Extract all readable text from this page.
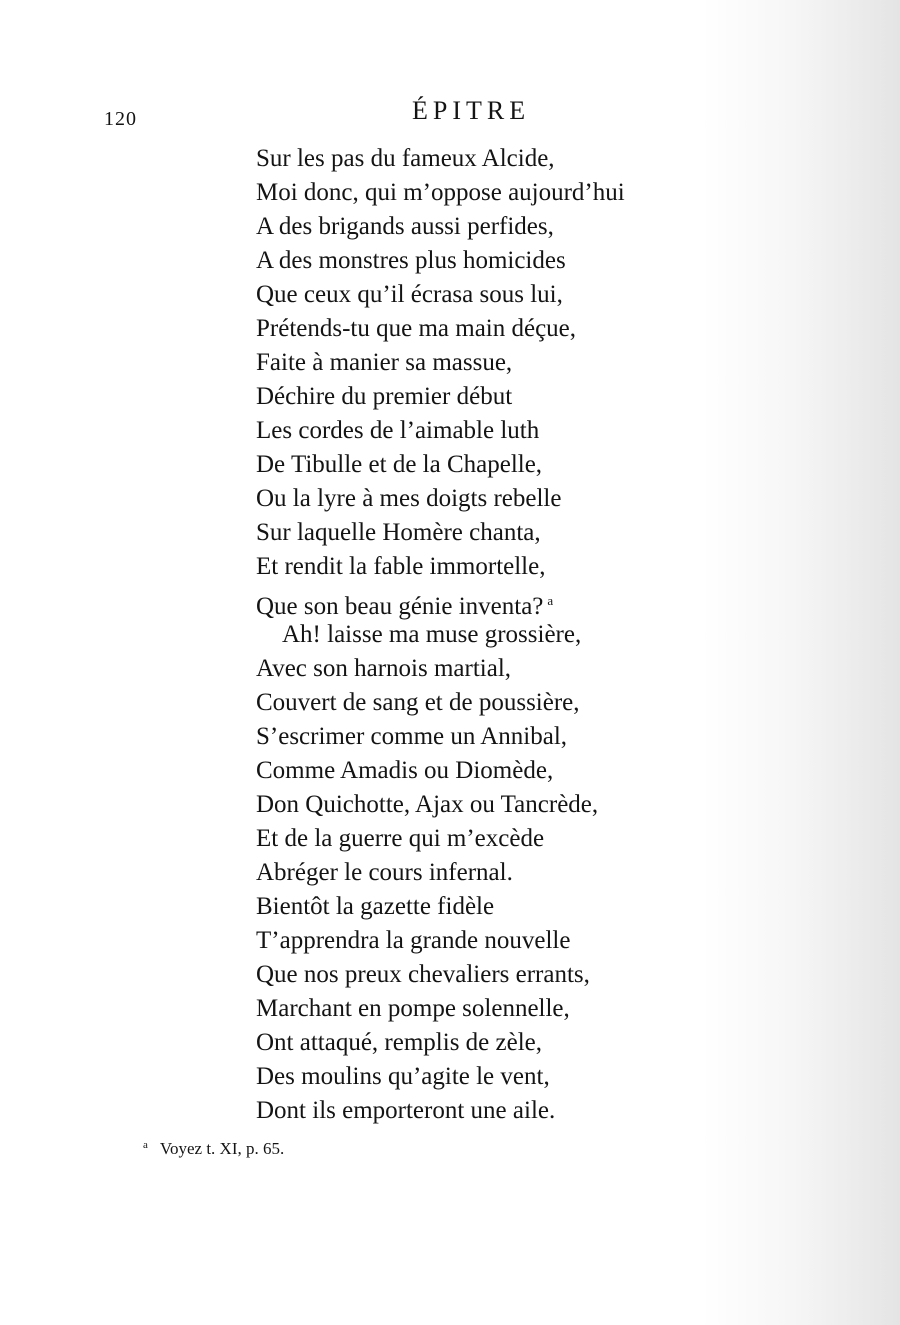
120	ÉPITRE
Sur les pas du fameux Alcide,
Moi donc, qui m’oppose aujourd’hui
A des brigands aussi perfides,
A des monstres plus homicides
Que ceux qu’il écrasa sous lui,
Prétends-tu que ma main déçue,
Faite à manier sa massue,
Déchire du premier début
Les cordes de l’aimable luth
De Tibulle et de la Chapelle,
Ou la lyre à mes doigts rebelle
Sur laquelle Homère chanta,
Et rendit la fable immortelle,
Que son beau génie inventa? $^a$
Ah! laisse ma muse grossière,
Avec son harnois martial,
Couvert de sang et de poussière,
S’escrimer comme un Annibal,
Comme Amadis ou Diomède,
Don Quichotte, Ajax ou Tancrède,
Et de la guerre qui m’excède
Abréger le cours infernal.
Bientôt la gazette fidèle
T’apprendra la grande nouvelle
Que nos preux chevaliers errants,
Marchant en pompe solennelle,
Ont attaqué, remplis de zèle,
Des moulins qu’agite le vent,
Dont ils emporteront une aile.
$^a$ Voyez t. XI, p. 65.
